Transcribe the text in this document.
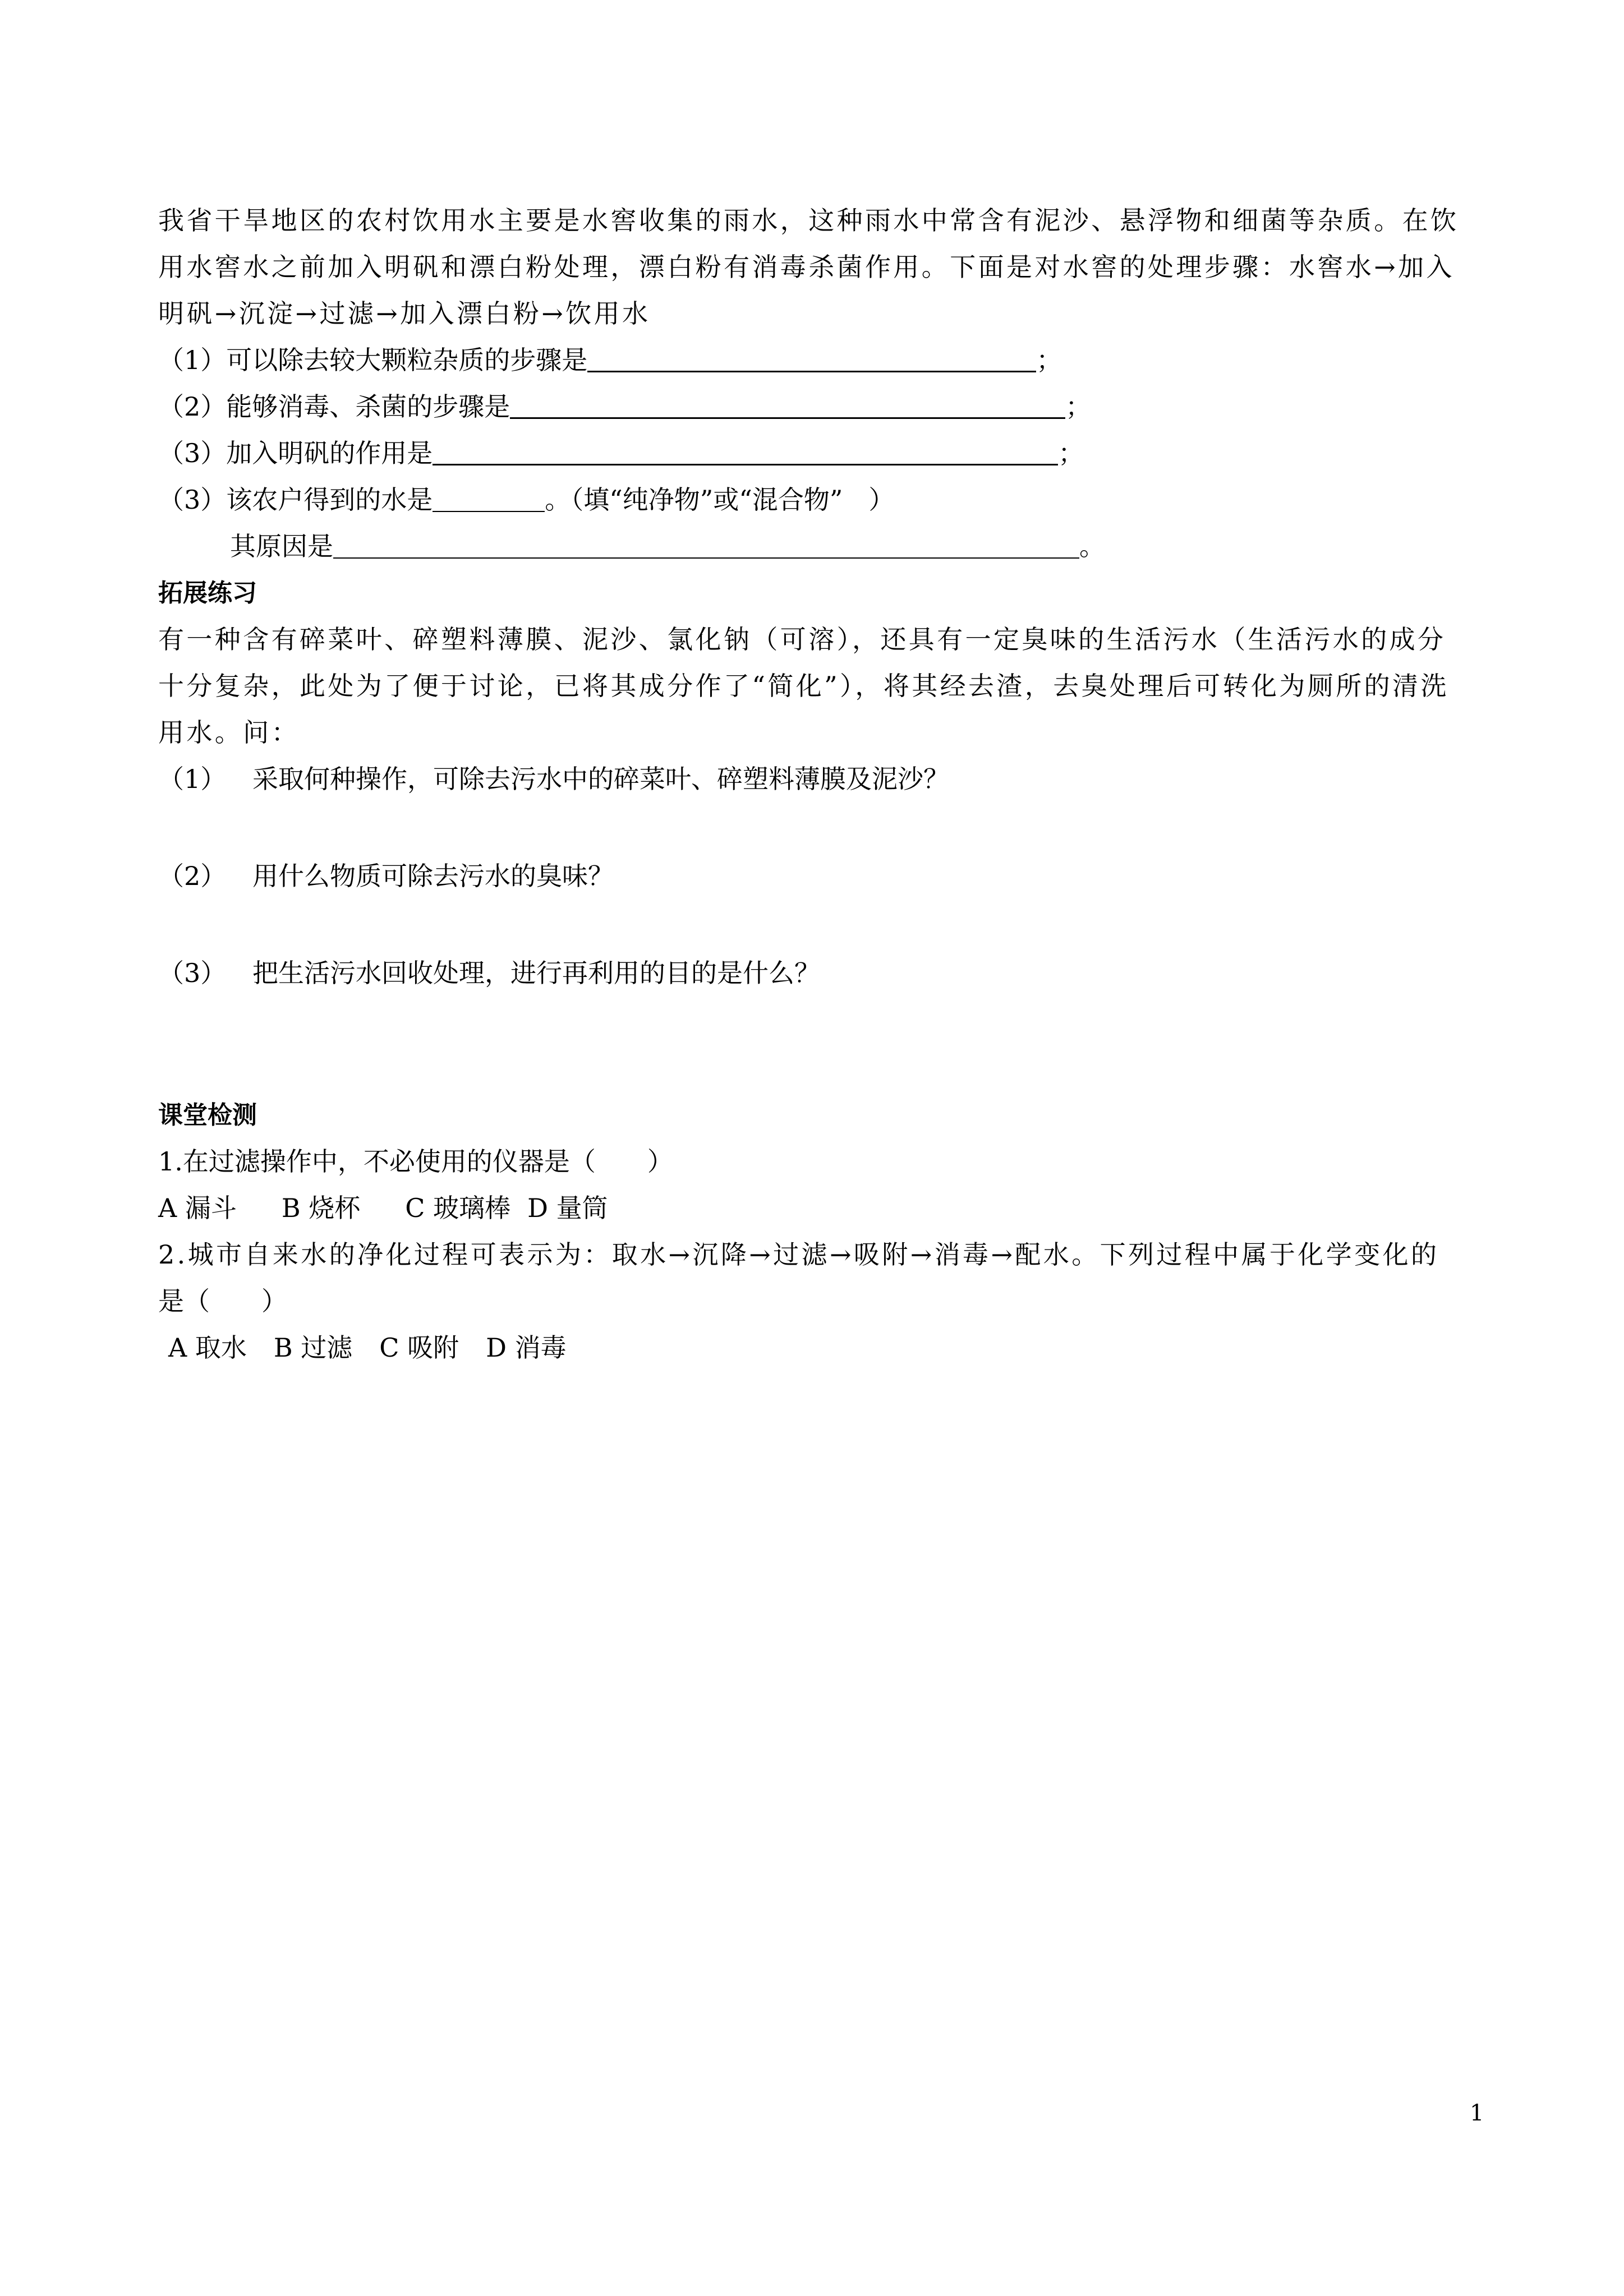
我省干旱地区的农村饮用水主要是水窖收集的雨水，这种雨水中常含有泥沙、悬浮物和细菌等杂质。在饮
用水窖水之前加入明矾和漂白粉处理，漂白粉有消毒杀菌作用。下面是对水窖的处理步骤：水窖水→加入
明矾→沉淀→过滤→加入漂白粉→饮用水
（1）可以除去较大颗粒杂质的步骤是	；
（2）能够消毒、杀菌的步骤是	；
（3）加入明矾的作用是	；
（3）该农户得到的水是	。（填“纯净物”或“混合物”　）
其原因是	。
拓展练习
有一种含有碎菜叶、碎塑料薄膜、泥沙、氯化钠（可溶），还具有一定臭味的生活污水（生活污水的成分
十分复杂，此处为了便于讨论，已将其成分作了“简化”），将其经去渣，去臭处理后可转化为厕所的清洗
用水。问：
（1） 采取何种操作，可除去污水中的碎菜叶、碎塑料薄膜及泥沙？
（2） 用什么物质可除去污水的臭味？
（3） 把生活污水回收处理，进行再利用的目的是什么？
课堂检测
1.在过滤操作中，不必使用的仪器是（　　）
A 漏斗 B 烧杯 C 玻璃棒 D 量筒
2.城市自来水的净化过程可表示为：取水→沉降→过滤→吸附→消毒→配水。下列过程中属于化学变化的
是（　　）
A 取水 B 过滤 C 吸附 D 消毒
1
